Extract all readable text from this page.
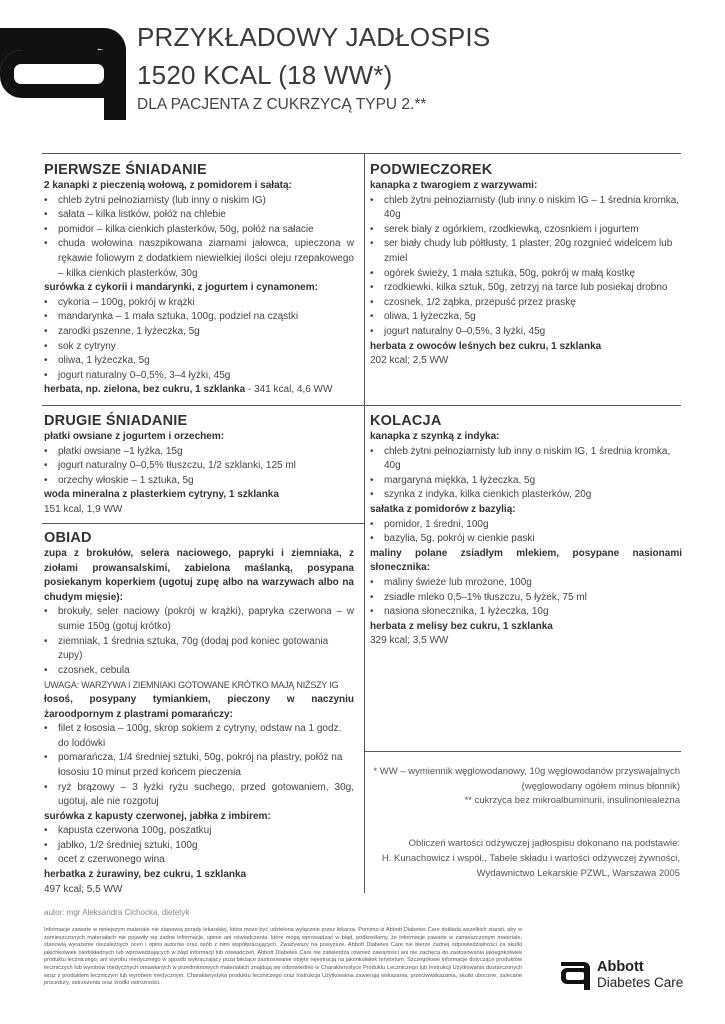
PRZYKŁADOWY JADŁOSPIS
1520 KCAL (18 WW*)
DLA PACJENTA Z CUKRZYCĄ TYPU 2.**
PIERWSZE ŚNIADANIE
2 kanapki z pieczenią wołową, z pomidorem i sałatą:
• chleb żytni pełnoziarnisty (lub inny o niskim IG)
• sałata – kilka listków, połóż na chlebie
• pomidor – kilka cienkich plasterków, 50g, połóż na sałacie
• chuda wołowina naszpikowana ziarnami jałowca, upieczona w rękawie foliowym z dodatkiem niewielkiej ilości oleju rzepakowego – kilka cienkich plasterków, 30g
surówka z cykorii i mandarynki, z jogurtem i cynamonem:
• cykoria – 100g, pokrój w krążki
• mandarynka – 1 mała sztuka, 100g, podziel na cząstki
• zarodki pszenne, 1 łyżeczka, 5g
• sok z cytryny
• oliwa, 1 łyżeczka, 5g
• jogurt naturalny 0–0,5%, 3–4 łyżki, 45g
herbata, np. zielona, bez cukru, 1 szklanka - 341 kcal, 4,6 WW
DRUGIE ŚNIADANIE
płatki owsiane z jogurtem i orzechem:
• płatki owsiane –1 łyżka, 15g
• jogurt naturalny 0–0,5% tłuszczu, 1/2 szklanki, 125 ml
• orzechy włoskie – 1 sztuka, 5g
woda mineralna z plasterkiem cytryny, 1 szklanka
151 kcal, 1,9 WW
OBIAD
zupa z brokułów, selera naciowego, papryki i ziemniaka, z ziołami prowansalskimi, zabielona maślanką, posypana posiekanym koperkiem (ugotuj zupę albo na warzywach albo na chudym mięsie):
• brokuły, seler naciowy (pokrój w krążki), papryka czerwona – w sumie 150g (gotuj krótko)
• ziemniak, 1 średnia sztuka, 70g (dodaj pod koniec gotowania zupy)
• czosnek, cebula
UWAGA: WARZYWA I ZIEMNIAKI GOTOWANE KRÓTKO MAJĄ NIŻSZY IG
łosoś, posypany tymiankiem, pieczony w naczyniu żaroodpornym z plastrami pomarańczy:
• filet z łososia – 100g, skrop sokiem z cytryny, odstaw na 1 godz. do lodówki
• pomarańcza, 1/4 średniej sztuki, 50g, pokrój na plastry, połóż na łososiu 10 minut przed końcem pieczenia
• ryż brązowy – 3 łyżki ryżu suchego, przed gotowaniem, 30g, ugotuj, ale nie rozgotuj
surówka z kapusty czerwonej, jabłka z imbirem:
• kapusta czerwona 100g, poszatkuj
• jabłko, 1/2 średniej sztuki, 100g
• ocet z czerwonego wina
herbatka z żurawiny, bez cukru, 1 szklanka
497 kcal; 5,5 WW
PODWIECZOREK
kanapka z twarogiem z warzywami:
• chleb żytni pełnoziarnisty (lub inny o niskim IG – 1 średnia kromka, 40g
• serek biały z ogórkiem, rzodkiewką, czosnkiem i jogurtem
• ser biały chudy lub półtłusty, 1 plaster, 20g rozgnieć widelcem lub zmiel
• ogórek świeży, 1 mała sztuka, 50g, pokrój w małą kostkę
• rzodkiewki, kilka sztuk, 50g, zetrzyj na tarce lub posiekaj drobno
• czosnek, 1/2 ząbka, przepuść przez praskę
• oliwa, 1 łyżeczka, 5g
• jogurt naturalny 0–0,5%, 3 łyżki, 45g
herbata z owoców leśnych bez cukru, 1 szklanka
202 kcal; 2,5 WW
KOLACJA
kanapka z szynką z indyka:
• chleb żytni pełnoziarnisty lub inny o niskim IG, 1 średnia kromka, 40g
• margaryna miękka, 1 łyżeczka, 5g
• szynka z indyka, kilka cienkich plasterków, 20g
sałatka z pomidorów z bazylią:
• pomidor, 1 średni, 100g
• bazylia, 5g, pokrój w cienkie paski
maliny polane zsiadłym mlekiem, posypane nasionami słonecznika:
• maliny świeże lub mrożone, 100g
• zsiadłe mleko 0,5–1% tłuszczu, 5 łyżek, 75 ml
• nasiona słonecznika, 1 łyżeczka, 10g
herbata z melisy bez cukru, 1 szklanka
329 kcal; 3,5 WW
* WW – wymiennik węglowodanowy, 10g węglowodanów przyswajalnych (węglowodany ogółem minus błonnik)
** cukrzyca bez mikroalbuminurii, insulinonieależna
Obliczeń wartości odżywczej jadłospisu dokonano na podstawie:
H. Kunachowicz i współ., Tabele składu i wartości odżywczej żywności,
Wydawnictwo Lekarskie PZWL, Warszawa 2005
autor: mgr Aleksandra Cichocka, dietetyk
Informacje zawarte w niniejszym materiale nie stanowią porady lekarskiej, która może być udzielona wyłącznie przez lekarza. Pomimo iż Abbott Diabetes Care dokłada wszelkich starań, aby w zamieszczonych materiałach nie pojawiły się żadne informacje, opinie ani oświadczenia, które mogą wprowadzać w błąd, podkreślamy, że informacje zawarte w zamieszczonym materiale, stanowią wyrażenie niezależnych ocen i opinii autorów oraz osób z nimi współpracujących. Zważywszy na powyższe, Abbott Diabetes Care nie bierze żadnej odpowiedzialności za skutki jakichkolwiek niedokładnych lub wprowadzających w błąd informacji lub oświadczeń. Abbott Diabetes Care nie zatwierdza również zawartości ani nie zachęca do zastosowania jakiegokolwiek produktu leczniczego, ani wyrobu medycznego w sposób wykraczający poza bieżące zastosowanie objęte rejestracją na jakimkolwiek terytorium. Szczegółowe informacje dotyczące produktów leczniczych lub wyrobów medycznych omawianych w przedmiotowych materiałach znajdują się odpowiednio w Charakterystyce Produktu Leczniczego lub Instrukcji Użytkowania dostarczonych wraz z produktem leczniczym lub wyrobem medycznym. Charakterystyka produktu leczniczego oraz Instrukcja Użytkowania zawierają wskazania, przeciwwskazania, skutki uboczne, zalecane procedury, ostrzeżenia oraz środki ostrożności.
Abbott
Diabetes Care
